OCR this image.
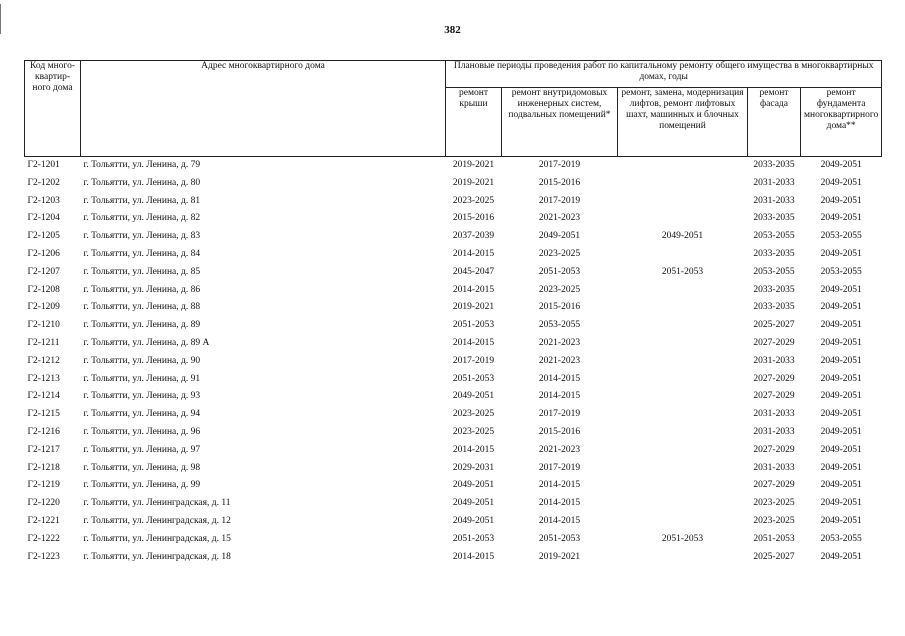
382
Код много-квартир-ного дома	Адрес многоквартирного дома	Плановые периоды проведения работ по капитальному ремонту общего имущества в многоквартирных домах, годы				
		ремонт крыши	ремонт внутридомовых инженерных систем, подвальных помещений*	ремонт, замена, модернизация лифтов, ремонт лифтовых шахт, машинных и блочных помещений	ремонт фасада	ремонт фундамента многоквартирного дома**
Г2-1201	г. Тольятти, ул. Ленина, д. 79	2019-2021	2017-2019		2033-2035	2049-2051
Г2-1202	г. Тольятти, ул. Ленина, д. 80	2019-2021	2015-2016		2031-2033	2049-2051
Г2-1203	г. Тольятти, ул. Ленина, д. 81	2023-2025	2017-2019		2031-2033	2049-2051
Г2-1204	г. Тольятти, ул. Ленина, д. 82	2015-2016	2021-2023		2033-2035	2049-2051
Г2-1205	г. Тольятти, ул. Ленина, д. 83	2037-2039	2049-2051	2049-2051	2053-2055	2053-2055
Г2-1206	г. Тольятти, ул. Ленина, д. 84	2014-2015	2023-2025		2033-2035	2049-2051
Г2-1207	г. Тольятти, ул. Ленина, д. 85	2045-2047	2051-2053	2051-2053	2053-2055	2053-2055
Г2-1208	г. Тольятти, ул. Ленина, д. 86	2014-2015	2023-2025		2033-2035	2049-2051
Г2-1209	г. Тольятти, ул. Ленина, д. 88	2019-2021	2015-2016		2033-2035	2049-2051
Г2-1210	г. Тольятти, ул. Ленина, д. 89	2051-2053	2053-2055		2025-2027	2049-2051
Г2-1211	г. Тольятти, ул. Ленина, д. 89 А	2014-2015	2021-2023		2027-2029	2049-2051
Г2-1212	г. Тольятти, ул. Ленина, д. 90	2017-2019	2021-2023		2031-2033	2049-2051
Г2-1213	г. Тольятти, ул. Ленина, д. 91	2051-2053	2014-2015		2027-2029	2049-2051
Г2-1214	г. Тольятти, ул. Ленина, д. 93	2049-2051	2014-2015		2027-2029	2049-2051
Г2-1215	г. Тольятти, ул. Ленина, д. 94	2023-2025	2017-2019		2031-2033	2049-2051
Г2-1216	г. Тольятти, ул. Ленина, д. 96	2023-2025	2015-2016		2031-2033	2049-2051
Г2-1217	г. Тольятти, ул. Ленина, д. 97	2014-2015	2021-2023		2027-2029	2049-2051
Г2-1218	г. Тольятти, ул. Ленина, д. 98	2029-2031	2017-2019		2031-2033	2049-2051
Г2-1219	г. Тольятти, ул. Ленина, д. 99	2049-2051	2014-2015		2027-2029	2049-2051
Г2-1220	г. Тольятти, ул. Ленинградская, д. 11	2049-2051	2014-2015		2023-2025	2049-2051
Г2-1221	г. Тольятти, ул. Ленинградская, д. 12	2049-2051	2014-2015		2023-2025	2049-2051
Г2-1222	г. Тольятти, ул. Ленинградская, д. 15	2051-2053	2051-2053	2051-2053	2051-2053	2053-2055
Г2-1223	г. Тольятти, ул. Ленинградская, д. 18	2014-2015	2019-2021		2025-2027	2049-2051
